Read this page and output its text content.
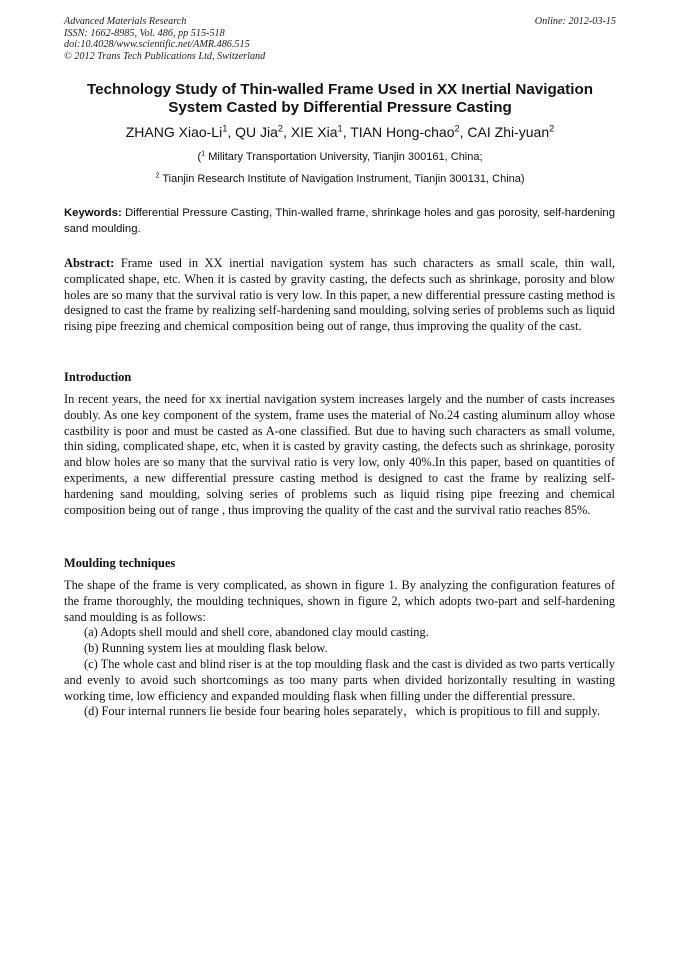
Advanced Materials Research
ISSN: 1662-8985, Vol. 486, pp 515-518
doi:10.4028/www.scientific.net/AMR.486.515
© 2012 Trans Tech Publications Ltd, Switzerland
Online: 2012-03-15
Technology Study of Thin-walled Frame Used in XX Inertial Navigation System Casted by Differential Pressure Casting
ZHANG Xiao-Li$^1$, QU Jia$^2$, XIE Xia$^1$, TIAN Hong-chao$^2$, CAI Zhi-yuan$^2$
($^1$ Military Transportation University, Tianjin 300161, China;
$^2$ Tianjin Research Institute of Navigation Instrument, Tianjin 300131, China)
Keywords: Differential Pressure Casting, Thin-walled frame, shrinkage holes and gas porosity, self-hardening sand moulding.
Abstract: Frame used in XX inertial navigation system has such characters as small scale, thin wall, complicated shape, etc. When it is casted by gravity casting, the defects such as shrinkage, porosity and blow holes are so many that the survival ratio is very low. In this paper, a new differential pressure casting method is designed to cast the frame by realizing self-hardening sand moulding, solving series of problems such as liquid rising pipe freezing and chemical composition being out of range, thus improving the quality of the cast.
Introduction
In recent years, the need for xx inertial navigation system increases largely and the number of casts increases doubly. As one key component of the system, frame uses the material of No.24 casting aluminum alloy whose castbility is poor and must be casted as A-one classified. But due to having such characters as small volume, thin siding, complicated shape, etc, when it is casted by gravity casting, the defects such as shrinkage, porosity and blow holes are so many that the survival ratio is very low, only 40%.In this paper, based on quantities of experiments, a new differential pressure casting method is designed to cast the frame by realizing self-hardening sand moulding, solving series of problems such as liquid rising pipe freezing and chemical composition being out of range , thus improving the quality of the cast and the survival ratio reaches 85%.
Moulding techniques

The shape of the frame is very complicated, as shown in figure 1. By analyzing the configuration features of the frame thoroughly, the moulding techniques, shown in figure 2, which adopts two-part and self-hardening sand moulding is as follows:

(a) Adopts shell mould and shell core, abandoned clay mould casting.

(b) Running system lies at moulding flask below.

(c) The whole cast and blind riser is at the top moulding flask and the cast is divided as two parts vertically and evenly to avoid such shortcomings as too many parts when divided horizontally resulting in wasting working time, low efficiency and expanded moulding flask when filling under the differential pressure.

(d) Four internal runners lie beside four bearing holes separately，which is propitious to fill and supply.
